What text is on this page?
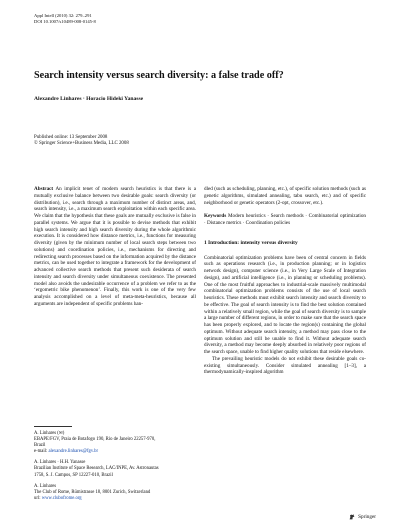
Appl Intell (2010) 32: 279–291
DOI 10.1007/s10489-008-0145-8
Search intensity versus search diversity: a false trade off?
Alexandre Linhares · Horacio Hideki Yanasse
Published online: 13 September 2008
© Springer Science+Business Media, LLC 2008

Abstract An implicit tenet of modern search heuristics is that there is a mutually exclusive balance between two desirable goals: search diversity (or distribution), i.e., search through a maximum number of distinct areas, and, search intensity, i.e., a maximum search exploitation within each specific area. We claim that the hypothesis that these goals are mutually exclusive is false in parallel systems. We argue that it is possible to devise methods that exhibit high search intensity and high search diversity during the whole algorithmic execution. It is considered how distance metrics, i.e., functions for measuring diversity (given by the minimum number of local search steps between two solutions) and coordination policies, i.e., mechanisms for directing and redirecting search processes based on the information acquired by the distance metrics, can be used together to integrate a framework for the development of advanced collective search methods that present such desiderata of search intensity and search diversity under simultaneous coexistence. The presented model also avoids the undesirable occurrence of a problem we refer to as the ‘ergometric bike phenomenon’. Finally, this work is one of the very few analysis accomplished on a level of meta-meta-heuristics, because all arguments are independent of specific problems han-

dled (such as scheduling, planning, etc.), of specific solution methods (such as genetic algorithms, simulated annealing, tabu search, etc.) and of specific neighborhood or genetic operators (2-opt, crossover, etc.).

Keywords Modern heuristics · Search methods · Combinatorial optimization · Distance metrics · Coordination policies

1 Introduction: intensity versus diversity

Combinatorial optimization problems have been of central concern in fields such as operations research (i.e., in production planning; or in logistics network design), computer science (i.e., in Very Large Scale of Integration design), and artificial intelligence (i.e., in planning or scheduling problems). One of the most fruitful approaches to industrial-scale massively multimodal combinatorial optimization problems consists of the use of local search heuristics. These methods must exhibit search intensity and search diversity to be effective. The goal of search intensity is to find the best solution contained within a relatively small region, while the goal of search diversity is to sample a large number of different regions, in order to make sure that the search space has been properly explored, and to locate the region(s) containing the global optimum. Without adequate search intensity, a method may pass close to the optimum solution and still be unable to find it. Without adequate search diversity, a method may become deeply absorbed in relatively poor regions of the search space, unable to find higher quality solutions that reside elsewhere.

The prevailing heuristic models do not exhibit these desirable goals co-existing simultaneously. Consider simulated annealing [1–3], a thermodynamically-inspired algorithm

A. Linhares (✉)
EBAPE/FGV, Praia de Botafogo 190, Rio de Janeiro 22257-970,
Brazil
e-mail: alexandre.linhares@fgv.br
A. Linhares · H.H. Yanasse
Brazilian Institute of Space Research, LAC/INPE, Av. Astronautas
1758, S. J. Campos, SP 12227-010, Brazil
A. Linhares
The Club of Rome, Rümistrasse 18, 8001 Zurich, Switzerland
url: www.clubofrome.org
Springer
